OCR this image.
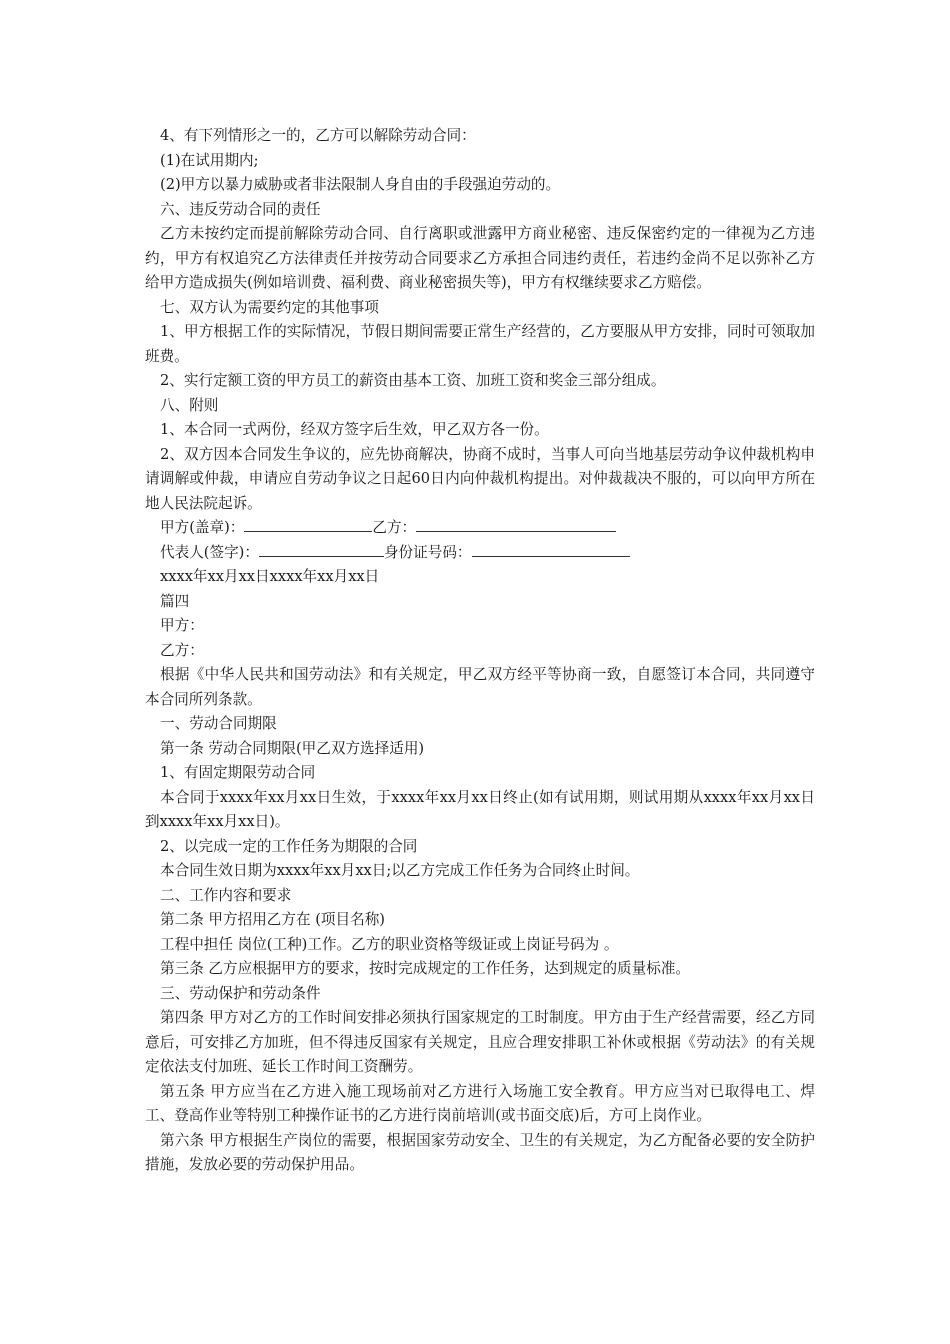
4、有下列情形之一的，乙方可以解除劳动合同：

(1)在试用期内;

(2)甲方以暴力威胁或者非法限制人身自由的手段强迫劳动的。

六、违反劳动合同的责任

乙方未按约定而提前解除劳动合同、自行离职或泄露甲方商业秘密、违反保密约定的一律视为乙方违约，甲方有权追究乙方法律责任并按劳动合同要求乙方承担合同违约责任，若违约金尚不足以弥补乙方给甲方造成损失(例如培训费、福利费、商业秘密损失等)，甲方有权继续要求乙方赔偿。

七、双方认为需要约定的其他事项

1、甲方根据工作的实际情况，节假日期间需要正常生产经营的，乙方要服从甲方安排，同时可领取加班费。

2、实行定额工资的甲方员工的薪资由基本工资、加班工资和奖金三部分组成。

八、附则

1、本合同一式两份，经双方签字后生效，甲乙双方各一份。

2、双方因本合同发生争议的，应先协商解决，协商不成时，当事人可向当地基层劳动争议仲裁机构申请调解或仲裁，申请应自劳动争议之日起60日内向仲裁机构提出。对仲裁裁决不服的，可以向甲方所在地人民法院起诉。

甲方(盖章)：	乙方：

代表人(签字)：	身份证号码：

xxxx年xx月xx日xxxx年xx月xx日

篇四

甲方：

乙方：

根据《中华人民共和国劳动法》和有关规定，甲乙双方经平等协商一致，自愿签订本合同，共同遵守本合同所列条款。

一、劳动合同期限

第一条 劳动合同期限(甲乙双方选择适用)

1、有固定期限劳动合同

本合同于xxxx年xx月xx日生效，于xxxx年xx月xx日终止(如有试用期，则试用期从xxxx年xx月xx日到xxxx年xx月xx日)。

2、以完成一定的工作任务为期限的合同

本合同生效日期为xxxx年xx月xx日;以乙方完成工作任务为合同终止时间。

二、工作内容和要求

第二条 甲方招用乙方在 (项目名称)

工程中担任 岗位(工种)工作。乙方的职业资格等级证或上岗证号码为 。

第三条 乙方应根据甲方的要求，按时完成规定的工作任务，达到规定的质量标准。

三、劳动保护和劳动条件

第四条 甲方对乙方的工作时间安排必须执行国家规定的工时制度。甲方由于生产经营需要，经乙方同意后，可安排乙方加班，但不得违反国家有关规定，且应合理安排职工补休或根据《劳动法》的有关规定依法支付加班、延长工作时间工资酬劳。

第五条 甲方应当在乙方进入施工现场前对乙方进行入场施工安全教育。甲方应当对已取得电工、焊工、登高作业等特别工种操作证书的乙方进行岗前培训(或书面交底)后，方可上岗作业。

第六条 甲方根据生产岗位的需要，根据国家劳动安全、卫生的有关规定，为乙方配备必要的安全防护措施，发放必要的劳动保护用品。
